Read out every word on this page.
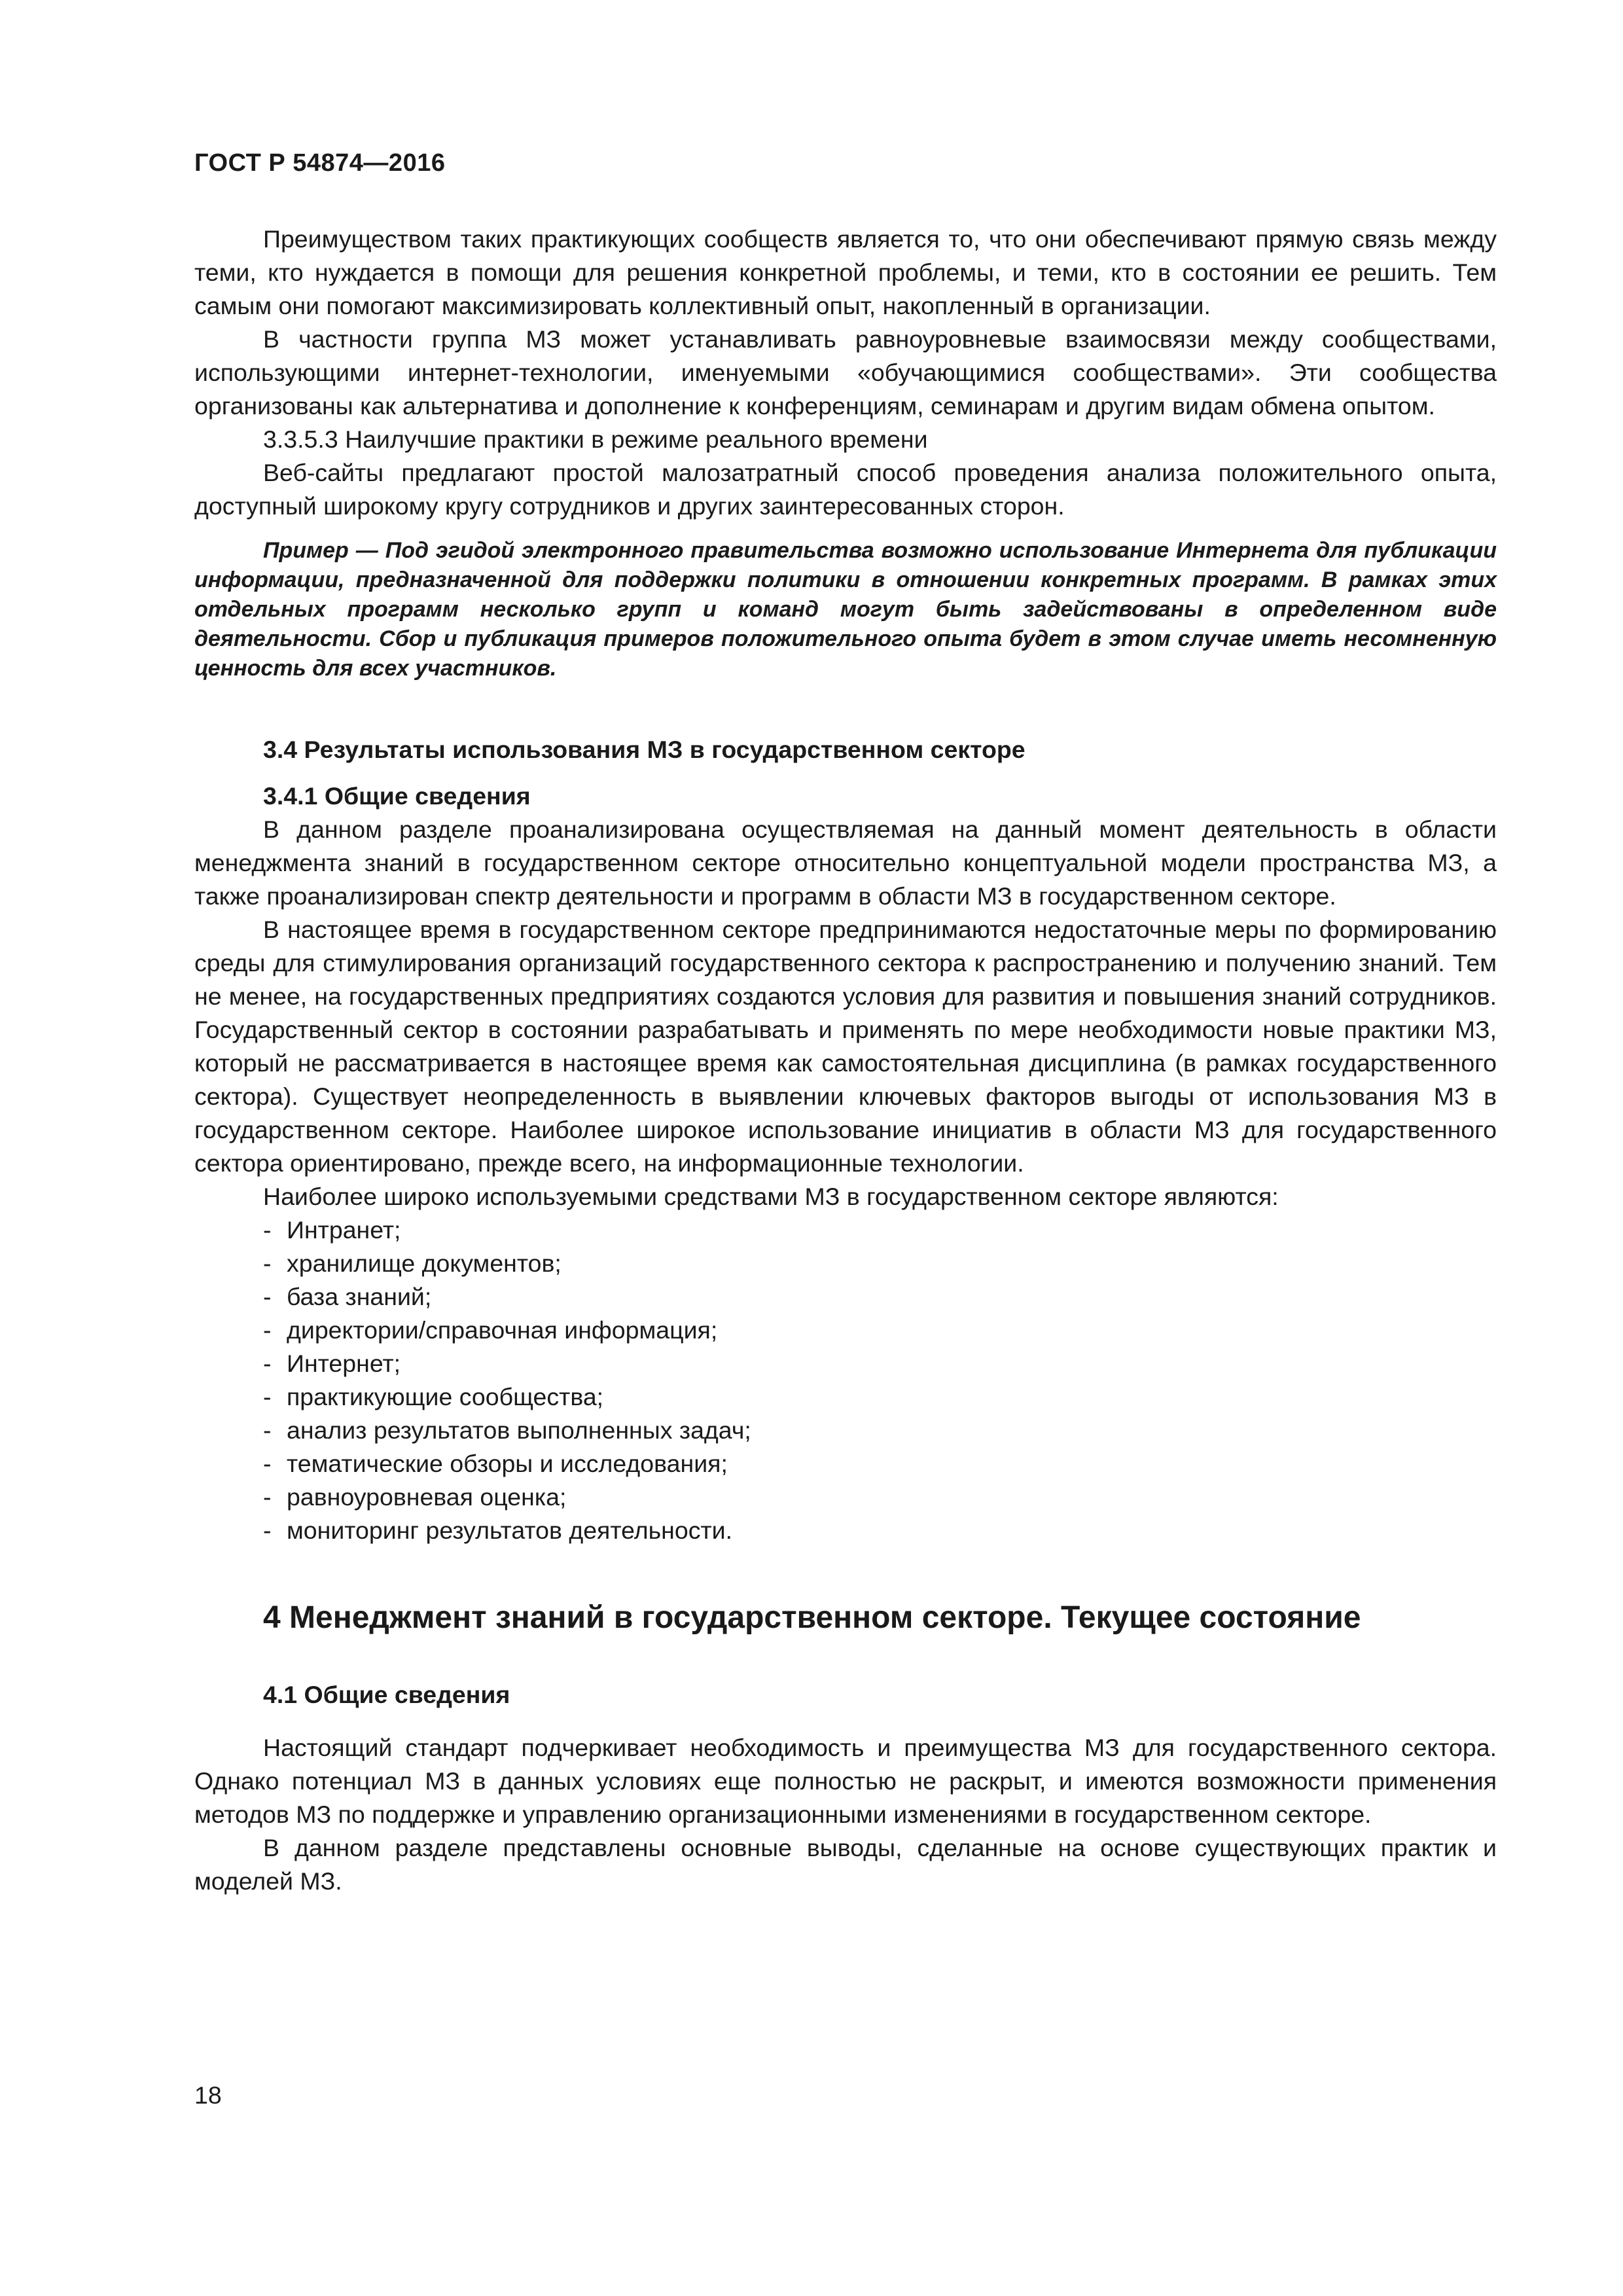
ГОСТ Р 54874—2016

Преимуществом таких практикующих сообществ является то, что они обеспечивают прямую связь между теми, кто нуждается в помощи для решения конкретной проблемы, и теми, кто в состоянии ее решить. Тем самым они помогают максимизировать коллективный опыт, накопленный в организации.

В частности группа МЗ может устанавливать равноуровневые взаимосвязи между сообществами, использующими интернет-технологии, именуемыми «обучающимися сообществами». Эти сообщества организованы как альтернатива и дополнение к конференциям, семинарам и другим видам обмена опытом.

3.3.5.3 Наилучшие практики в режиме реального времени

Веб-сайты предлагают простой малозатратный способ проведения анализа положительного опыта, доступный широкому кругу сотрудников и других заинтересованных сторон.

Пример — Под эгидой электронного правительства возможно использование Интернета для публикации информации, предназначенной для поддержки политики в отношении конкретных программ. В рамках этих отдельных программ несколько групп и команд могут быть задействованы в определенном виде деятельности. Сбор и публикация примеров положительного опыта будет в этом случае иметь несомненную ценность для всех участников.

3.4 Результаты использования МЗ в государственном секторе

3.4.1 Общие сведения

В данном разделе проанализирована осуществляемая на данный момент деятельность в области менеджмента знаний в государственном секторе относительно концептуальной модели пространства МЗ, а также проанализирован спектр деятельности и программ в области МЗ в государственном секторе.

В настоящее время в государственном секторе предпринимаются недостаточные меры по формированию среды для стимулирования организаций государственного сектора к распространению и получению знаний. Тем не менее, на государственных предприятиях создаются условия для развития и повышения знаний сотрудников. Государственный сектор в состоянии разрабатывать и применять по мере необходимости новые практики МЗ, который не рассматривается в настоящее время как самостоятельная дисциплина (в рамках государственного сектора). Существует неопределенность в выявлении ключевых факторов выгоды от использования МЗ в государственном секторе. Наиболее широкое использование инициатив в области МЗ для государственного сектора ориентировано, прежде всего, на информационные технологии.

Наиболее широко используемыми средствами МЗ в государственном секторе являются:

- Интранет;
- хранилище документов;
- база знаний;
- директории/справочная информация;
- Интернет;
- практикующие сообщества;
- анализ результатов выполненных задач;
- тематические обзоры и исследования;
- равноуровневая оценка;
- мониторинг результатов деятельности.

4 Менеджмент знаний в государственном секторе. Текущее состояние

4.1 Общие сведения

Настоящий стандарт подчеркивает необходимость и преимущества МЗ для государственного сектора. Однако потенциал МЗ в данных условиях еще полностью не раскрыт, и имеются возможности применения методов МЗ по поддержке и управлению организационными изменениями в государственном секторе.

В данном разделе представлены основные выводы, сделанные на основе существующих практик и моделей МЗ.

18
